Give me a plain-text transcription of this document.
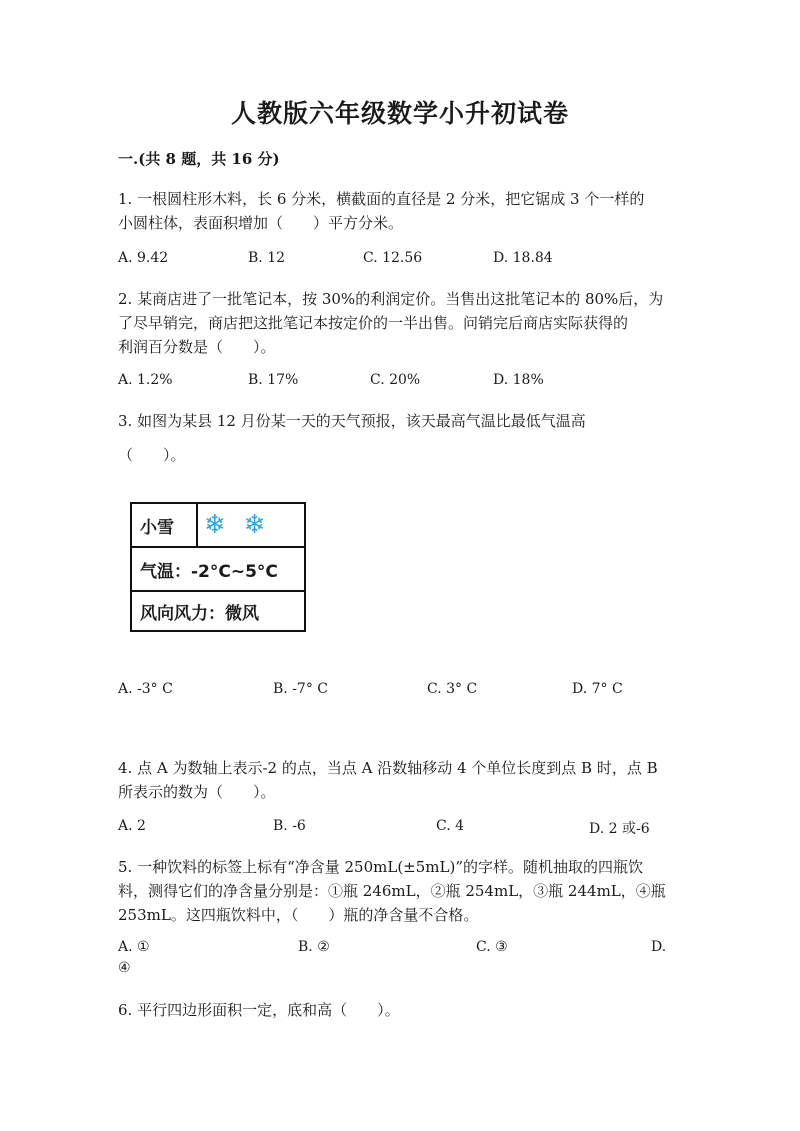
人教版六年级数学小升初试卷
一.(共 8 题，共 16 分)
1. 一根圆柱形木料，长 6 分米，横截面的直径是 2 分米，把它锯成 3 个一样的
小圆柱体，表面积增加（　　）平方分米。
A. 9.42	B. 12	C. 12.56	D. 18.84
2. 某商店进了一批笔记本，按 30%的利润定价。当售出这批笔记本的 80%后，为
了尽早销完，商店把这批笔记本按定价的一半出售。问销完后商店实际获得的
利润百分数是（　　）。
A. 1.2%	B. 17%	C. 20%	D. 18%
3. 如图为某县 12 月份某一天的天气预报，该天最高气温比最低气温高
（　　）。
小雪 ❄ ❄
气温：-2°C~5°C
风向风力：微风
A. -3° C	B. -7° C	C. 3° C	D. 7° C
4. 点 A 为数轴上表示-2 的点，当点 A 沿数轴移动 4 个单位长度到点 B 时，点 B
所表示的数为（　　）。
A. 2	B. -6	C. 4	D. 2 或-6
5. 一种饮料的标签上标有“净含量 250mL(±5mL)”的字样。随机抽取的四瓶饮
料，测得它们的净含量分别是：①瓶 246mL，②瓶 254mL，③瓶 244mL，④瓶
253mL。这四瓶饮料中，（　　）瓶的净含量不合格。
A. ①	B. ②	C. ③	D.
④
6. 平行四边形面积一定，底和高（　　）。
